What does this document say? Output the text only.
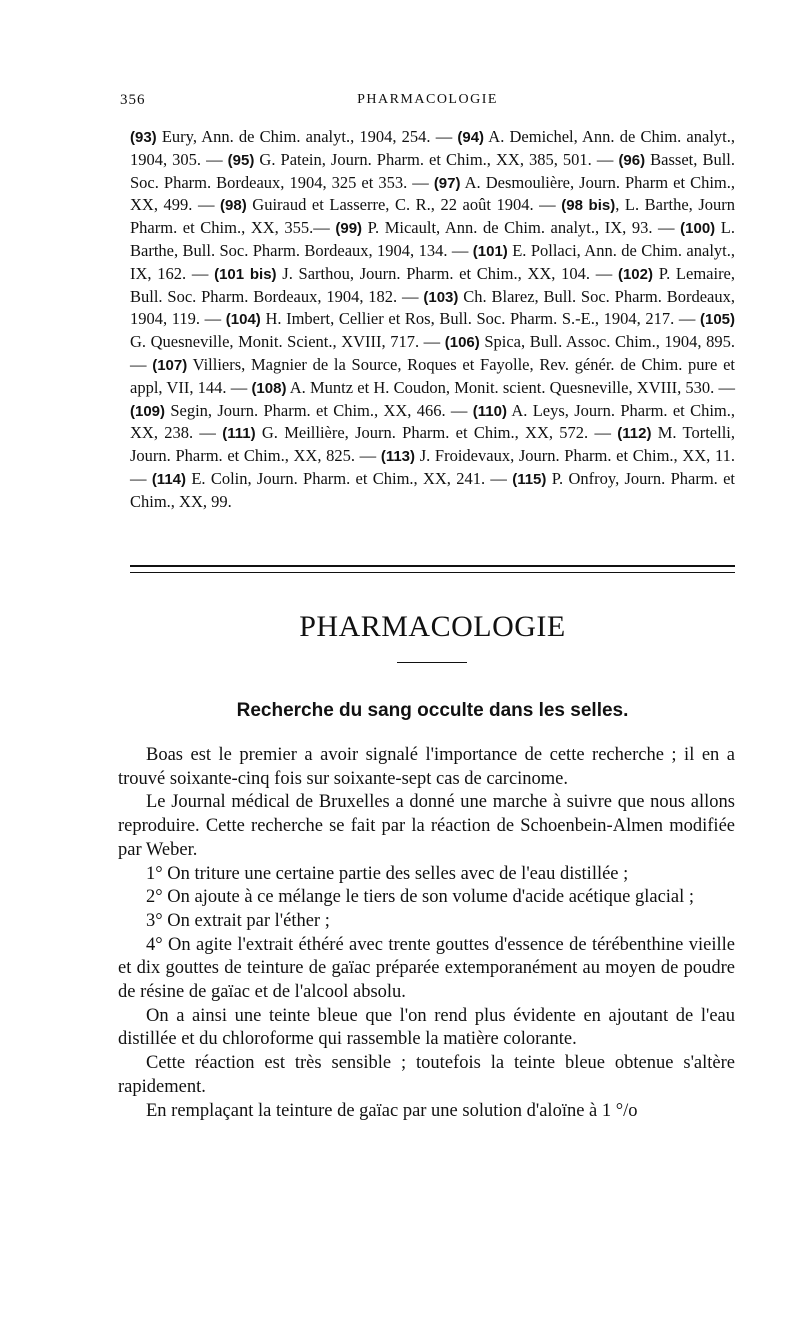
356	PHARMACOLOGIE
(93) Eury, Ann. de Chim. analyt., 1904, 254. — (94) A. Demichel, Ann. de Chim. analyt., 1904, 305. — (95) G. Patein, Journ. Pharm. et Chim., XX, 385, 501. — (96) Basset, Bull. Soc. Pharm. Bordeaux, 1904, 325 et 353. — (97) A. Desmoulière, Journ. Pharm et Chim., XX, 499. — (98) Guiraud et Lasserre, C. R., 22 août 1904. — (98 bis), L. Barthe, Journ Pharm. et Chim., XX, 355.— (99) P. Micault, Ann. de Chim. analyt., IX, 93. — (100) L. Barthe, Bull. Soc. Pharm. Bordeaux, 1904, 134. — (101) E. Pollaci, Ann. de Chim. analyt., IX, 162. — (101 bis) J. Sarthou, Journ. Pharm. et Chim., XX, 104. — (102) P. Lemaire, Bull. Soc. Pharm. Bordeaux, 1904, 182. — (103) Ch. Blarez, Bull. Soc. Pharm. Bordeaux, 1904, 119. — (104) H. Imbert, Cellier et Ros, Bull. Soc. Pharm. S.-E., 1904, 217. — (105) G. Quesneville, Monit. Scient., XVIII, 717. — (106) Spica, Bull. Assoc. Chim., 1904, 895. — (107) Villiers, Magnier de la Source, Roques et Fayolle, Rev. génér. de Chim. pure et appl, VII, 144. — (108) A. Muntz et H. Coudon, Monit. scient. Quesneville, XVIII, 530. — (109) Segin, Journ. Pharm. et Chim., XX, 466. — (110) A. Leys, Journ. Pharm. et Chim., XX, 238. — (111) G. Meillière, Journ. Pharm. et Chim., XX, 572. — (112) M. Tortelli, Journ. Pharm. et Chim., XX, 825. — (113) J. Froidevaux, Journ. Pharm. et Chim., XX, 11. — (114) E. Colin, Journ. Pharm. et Chim., XX, 241. — (115) P. Onfroy, Journ. Pharm. et Chim., XX, 99.
PHARMACOLOGIE
Recherche du sang occulte dans les selles.

Boas est le premier a avoir signalé l'importance de cette recherche ; il en a trouvé soixante-cinq fois sur soixante-sept cas de carcinome.

Le Journal médical de Bruxelles a donné une marche à suivre que nous allons reproduire. Cette recherche se fait par la réaction de Schoenbein-Almen modifiée par Weber.

1° On triture une certaine partie des selles avec de l'eau distillée ;

2° On ajoute à ce mélange le tiers de son volume d'acide acétique glacial ;

3° On extrait par l'éther ;

4° On agite l'extrait éthéré avec trente gouttes d'essence de térébenthine vieille et dix gouttes de teinture de gaïac préparée extemporanément au moyen de poudre de résine de gaïac et de l'alcool absolu.

On a ainsi une teinte bleue que l'on rend plus évidente en ajoutant de l'eau distillée et du chloroforme qui rassemble la matière colorante.

Cette réaction est très sensible ; toutefois la teinte bleue obtenue s'altère rapidement.

En remplaçant la teinture de gaïac par une solution d'aloïne à 1 °/o
